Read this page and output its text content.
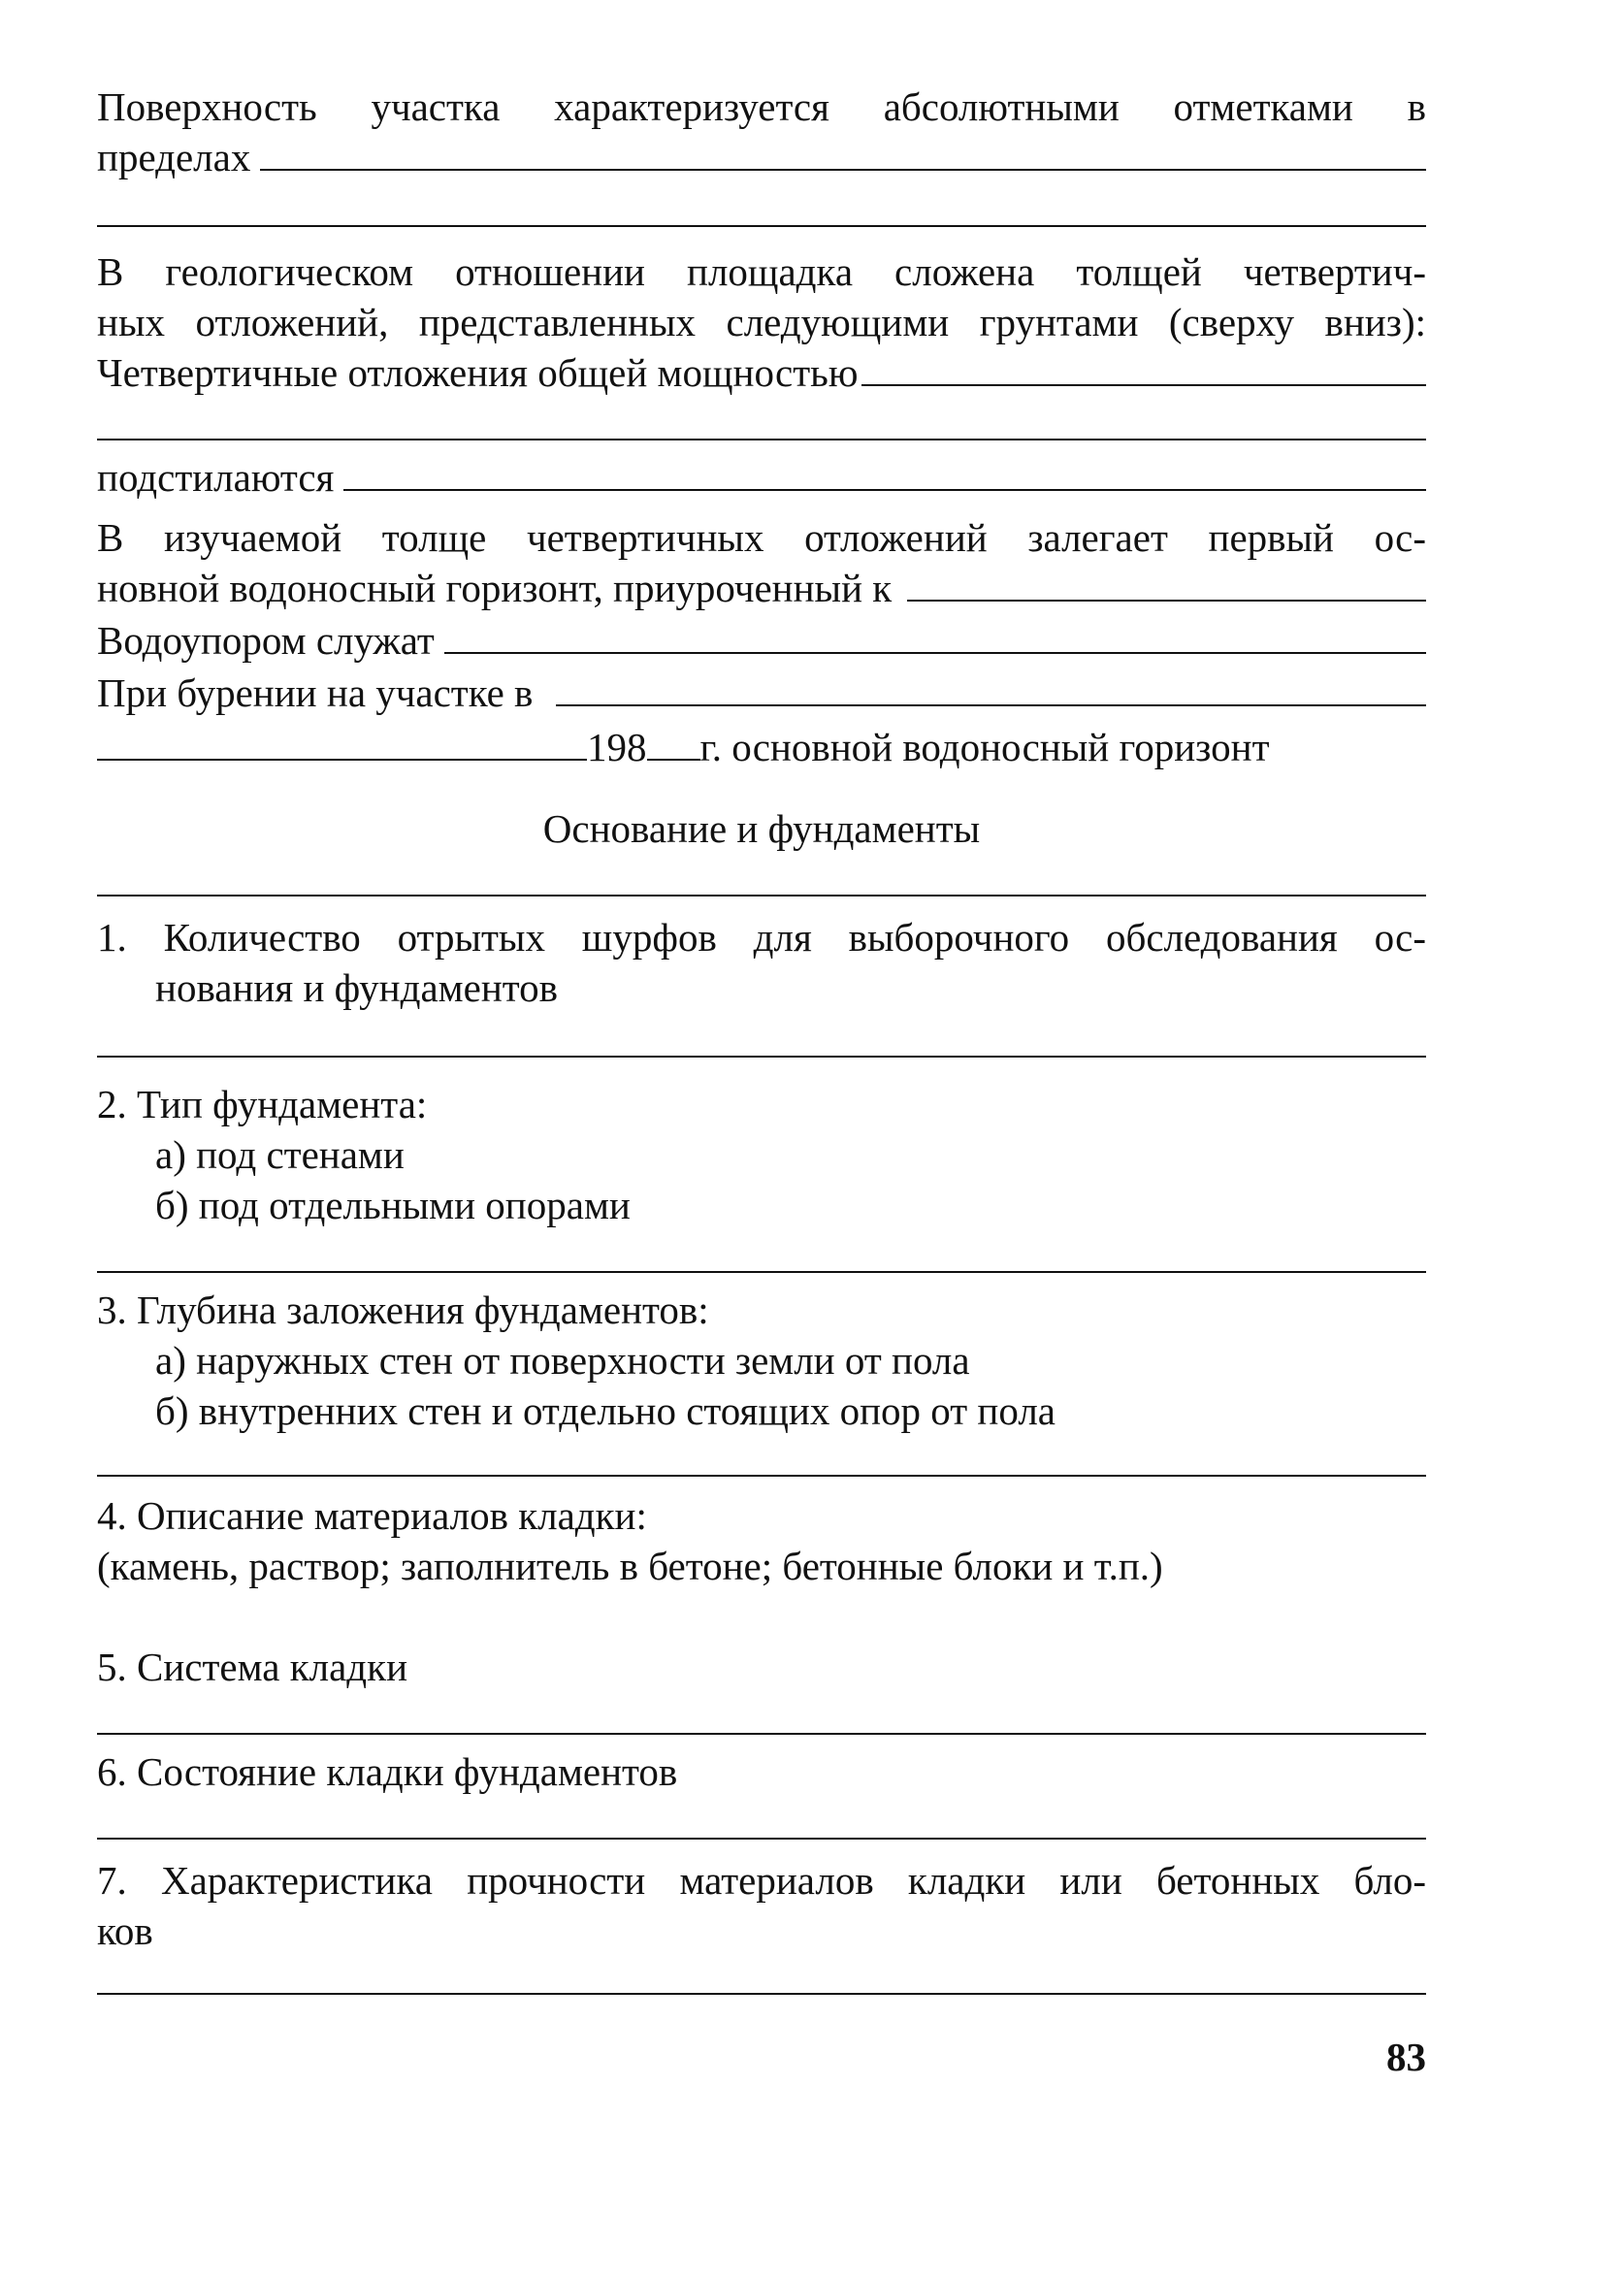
Поверхность участка характеризуется абсолютными отметками в
пределах
В геологическом отношении площадка сложена толщей четвертич-
ных отложений, представленных следующими грунтами (сверху вниз):
Четвертичные отложения общей мощностью
подстилаются
В изучаемой толще четвертичных отложений залегает первый ос-
новной водоносный горизонт, приуроченный к
Водоупором служат
При бурении на участке в
198 г. основной водоносный горизонт
Основание и фундаменты
1. Количество отрытых шурфов для выборочного обследования ос-
нования и фундаментов
2. Тип фундамента:
а) под стенами
б) под отдельными опорами
3. Глубина заложения фундаментов:
а) наружных стен от поверхности земли от пола
б) внутренних стен и отдельно стоящих опор от пола
4. Описание материалов кладки:
(камень, раствор; заполнитель в бетоне; бетонные блоки и т.п.)
5. Система кладки
6. Состояние кладки фундаментов
7. Характеристика прочности материалов кладки или бетонных бло-
ков
83
